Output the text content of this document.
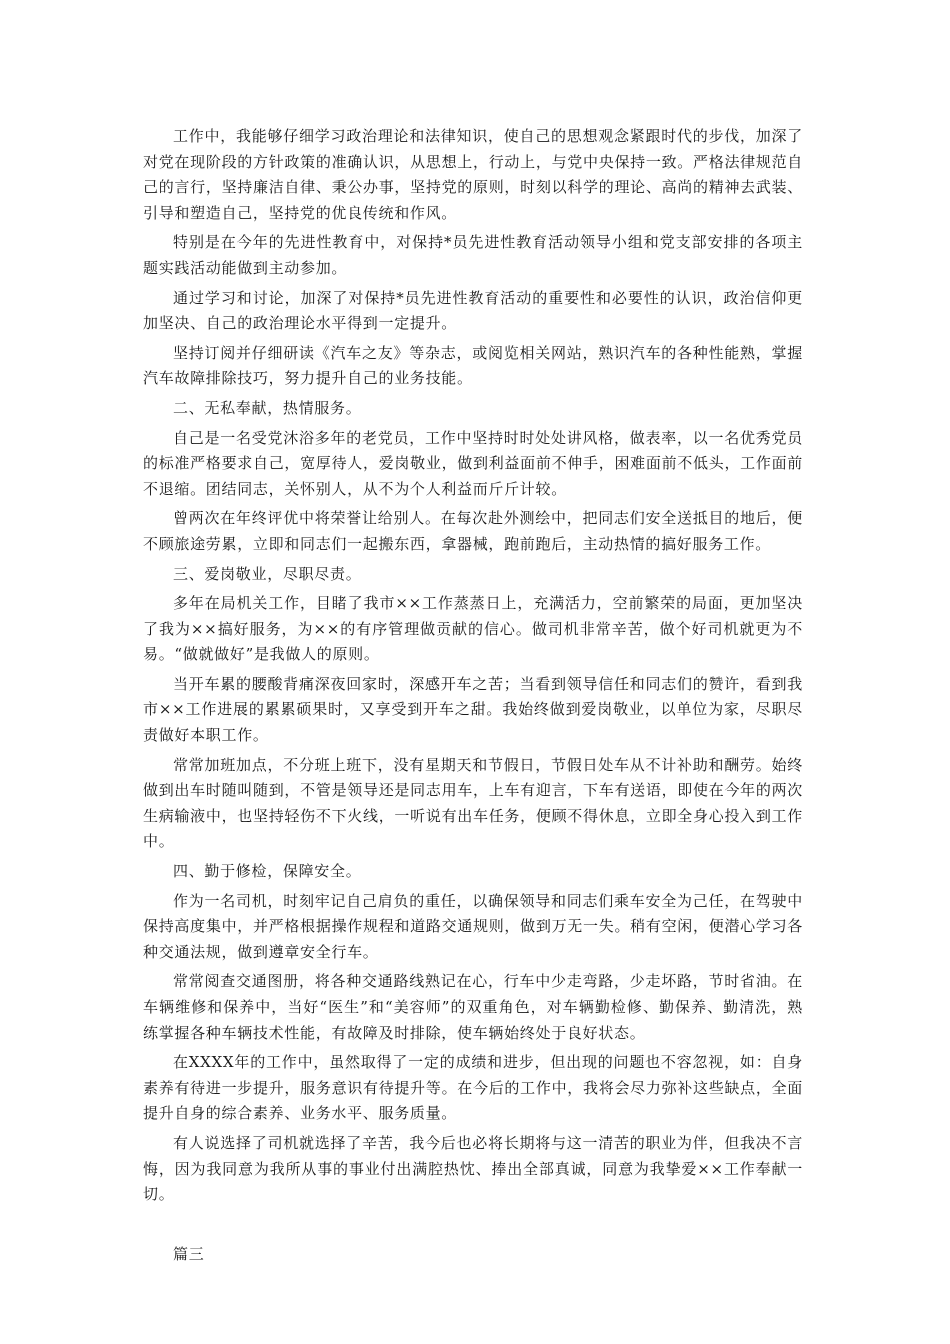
工作中，我能够仔细学习政治理论和法律知识，使自己的思想观念紧跟时代的步伐，加深了对党在现阶段的方针政策的准确认识，从思想上，行动上，与党中央保持一致。严格法律规范自己的言行，坚持廉洁自律、秉公办事，坚持党的原则，时刻以科学的理论、高尚的精神去武装、引导和塑造自己，坚持党的优良传统和作风。

特别是在今年的先进性教育中，对保持*员先进性教育活动领导小组和党支部安排的各项主题实践活动能做到主动参加。

通过学习和讨论，加深了对保持*员先进性教育活动的重要性和必要性的认识，政治信仰更加坚决、自己的政治理论水平得到一定提升。

坚持订阅并仔细研读《汽车之友》等杂志，或阅览相关网站，熟识汽车的各种性能熟，掌握汽车故障排除技巧，努力提升自己的业务技能。

二、无私奉献，热情服务。

自己是一名受党沐浴多年的老党员，工作中坚持时时处处讲风格，做表率，以一名优秀党员的标准严格要求自己，宽厚待人，爱岗敬业，做到利益面前不伸手，困难面前不低头，工作面前不退缩。团结同志，关怀别人，从不为个人利益而斤斤计较。

曾两次在年终评优中将荣誉让给别人。在每次赴外测绘中，把同志们安全送抵目的地后，便不顾旅途劳累，立即和同志们一起搬东西，拿器械，跑前跑后，主动热情的搞好服务工作。

三、爱岗敬业，尽职尽责。

多年在局机关工作，目睹了我市××工作蒸蒸日上，充满活力，空前繁荣的局面，更加坚决了我为××搞好服务，为××的有序管理做贡献的信心。做司机非常辛苦，做个好司机就更为不易。“做就做好”是我做人的原则。

当开车累的腰酸背痛深夜回家时，深感开车之苦；当看到领导信任和同志们的赞许，看到我市××工作进展的累累硕果时，又享受到开车之甜。我始终做到爱岗敬业，以单位为家，尽职尽责做好本职工作。

常常加班加点，不分班上班下，没有星期天和节假日，节假日处车从不计补助和酬劳。始终做到出车时随叫随到，不管是领导还是同志用车，上车有迎言，下车有送语，即使在今年的两次生病输液中，也坚持轻伤不下火线，一听说有出车任务，便顾不得休息，立即全身心投入到工作中。

四、勤于修检，保障安全。

作为一名司机，时刻牢记自己肩负的重任，以确保领导和同志们乘车安全为己任，在驾驶中保持高度集中，并严格根据操作规程和道路交通规则，做到万无一失。稍有空闲，便潜心学习各种交通法规，做到遵章安全行车。

常常阅查交通图册，将各种交通路线熟记在心，行车中少走弯路，少走坏路，节时省油。在车辆维修和保养中，当好“医生”和“美容师”的双重角色，对车辆勤检修、勤保养、勤清洗，熟练掌握各种车辆技术性能，有故障及时排除，使车辆始终处于良好状态。

在XXXX年的工作中，虽然取得了一定的成绩和进步，但出现的问题也不容忽视，如：自身素养有待进一步提升，服务意识有待提升等。在今后的工作中，我将会尽力弥补这些缺点，全面提升自身的综合素养、业务水平、服务质量。

有人说选择了司机就选择了辛苦，我今后也必将长期将与这一清苦的职业为伴，但我决不言悔，因为我同意为我所从事的事业付出满腔热忱、捧出全部真诚，同意为我挚爱××工作奉献一切。

篇三
